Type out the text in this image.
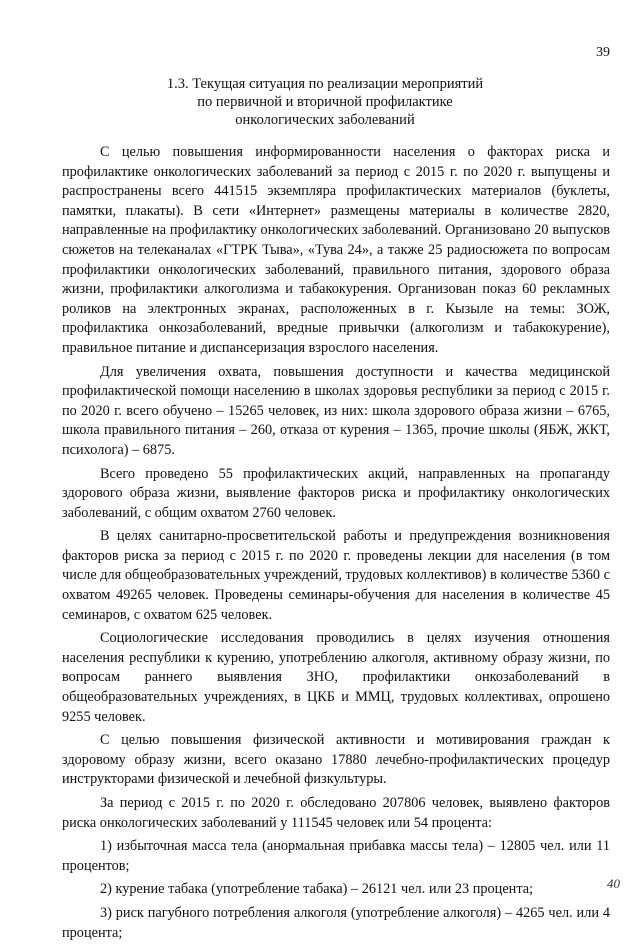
39
1.3. Текущая ситуация по реализации мероприятий
по первичной и вторичной профилактике
онкологических заболеваний

С целью повышения информированности населения о факторах риска и профилактике онкологических заболеваний за период с 2015 г. по 2020 г. выпущены и распространены всего 441515 экземпляра профилактических материалов (буклеты, памятки, плакаты). В сети «Интернет» размещены материалы в количестве 2820, направленные на профилактику онкологических заболеваний. Организовано 20 выпусков сюжетов на телеканалах «ГТРК Тыва», «Тува 24», а также 25 радиосюжета по вопросам профилактики онкологических заболеваний, правильного питания, здорового образа жизни, профилактики алкоголизма и табакокурения. Организован показ 60 рекламных роликов на электронных экранах, расположенных в г. Кызыле на темы: ЗОЖ, профилактика онкозаболеваний, вредные привычки (алкоголизм и табакокурение), правильное питание и диспансеризация взрослого населения.

Для увеличения охвата, повышения доступности и качества медицинской профилактической помощи населению в школах здоровья республики за период с 2015 г. по 2020 г. всего обучено – 15265 человек, из них: школа здорового образа жизни – 6765, школа правильного питания – 260, отказа от курения – 1365, прочие школы (ЯБЖ, ЖКТ, психолога) – 6875.

Всего проведено 55 профилактических акций, направленных на пропаганду здорового образа жизни, выявление факторов риска и профилактику онкологических заболеваний, с общим охватом 2760 человек.

В целях санитарно-просветительской работы и предупреждения возникновения факторов риска за период с 2015 г. по 2020 г. проведены лекции для населения (в том числе для общеобразовательных учреждений, трудовых коллективов) в количестве 5360 с охватом 49265 человек. Проведены семинары-обучения для населения в количестве 45 семинаров, с охватом 625 человек.

Социологические исследования проводились в целях изучения отношения населения республики к курению, употреблению алкоголя, активному образу жизни, по вопросам раннего выявления ЗНО, профилактики онкозаболеваний в общеобразовательных учреждениях, в ЦКБ и ММЦ, трудовых коллективах, опрошено 9255 человек.

С целью повышения физической активности и мотивирования граждан к здоровому образу жизни, всего оказано 17880 лечебно-профилактических процедур инструкторами физической и лечебной физкультуры.

За период с 2015 г. по 2020 г. обследовано 207806 человек, выявлено факторов риска онкологических заболеваний у 111545 человек или 54 процента:

1) избыточная масса тела (анормальная прибавка массы тела) – 12805 чел. или 11 процентов;

2) курение табака (употребление табака) – 26121 чел. или 23 процента;

3) риск пагубного потребления алкоголя (употребление алкоголя) – 4265 чел. или 4 процента;

40
